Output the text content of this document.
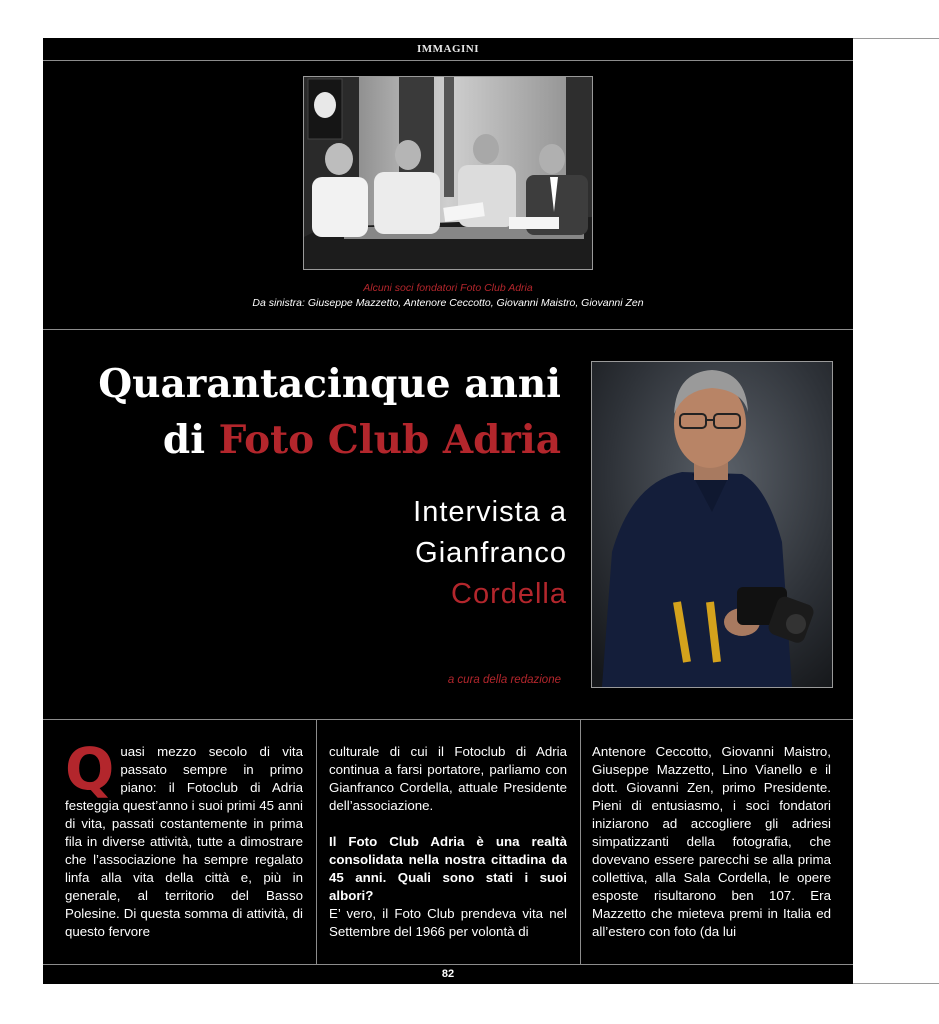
IMMAGINI
Alcuni soci fondatori Foto Club Adria
Da sinistra: Giuseppe Mazzetto, Antenore Ceccotto, Giovanni Maistro, Giovanni Zen
Quarantacinque anni
di Foto Club Adria
Intervista a
Gianfranco
Cordella
a cura della redazione

Quasi mezzo secolo di vita passato sempre in primo piano: il Fotoclub di Adria festeggia quest’anno i suoi primi 45 anni di vita, passati costantemente in prima fila in diverse attività, tutte a dimostrare che l’associazione ha sempre regalato linfa alla vita della città e, più in generale, al territorio del Basso Polesine. Di questa somma di attività, di questo fervore

culturale di cui il Fotoclub di Adria continua a farsi portatore, parliamo con Gianfranco Cordella, attuale Presidente dell’associazione.

Il Foto Club Adria è una realtà consolidata nella nostra cittadina da 45 anni. Quali sono stati i suoi albori?

E’ vero, il Foto Club prendeva vita nel Settembre del 1966 per volontà di

Antenore Ceccotto, Giovanni Maistro, Giuseppe Mazzetto, Lino Vianello e il dott. Giovanni Zen, primo Presidente. Pieni di entusiasmo, i soci fondatori iniziarono ad accogliere gli adriesi simpatizzanti della fotografia, che dovevano essere parecchi se alla prima collettiva, alla Sala Cordella, le opere esposte risultarono ben 107. Era Mazzetto che mieteva premi in Italia ed all’estero con foto (da lui

82
